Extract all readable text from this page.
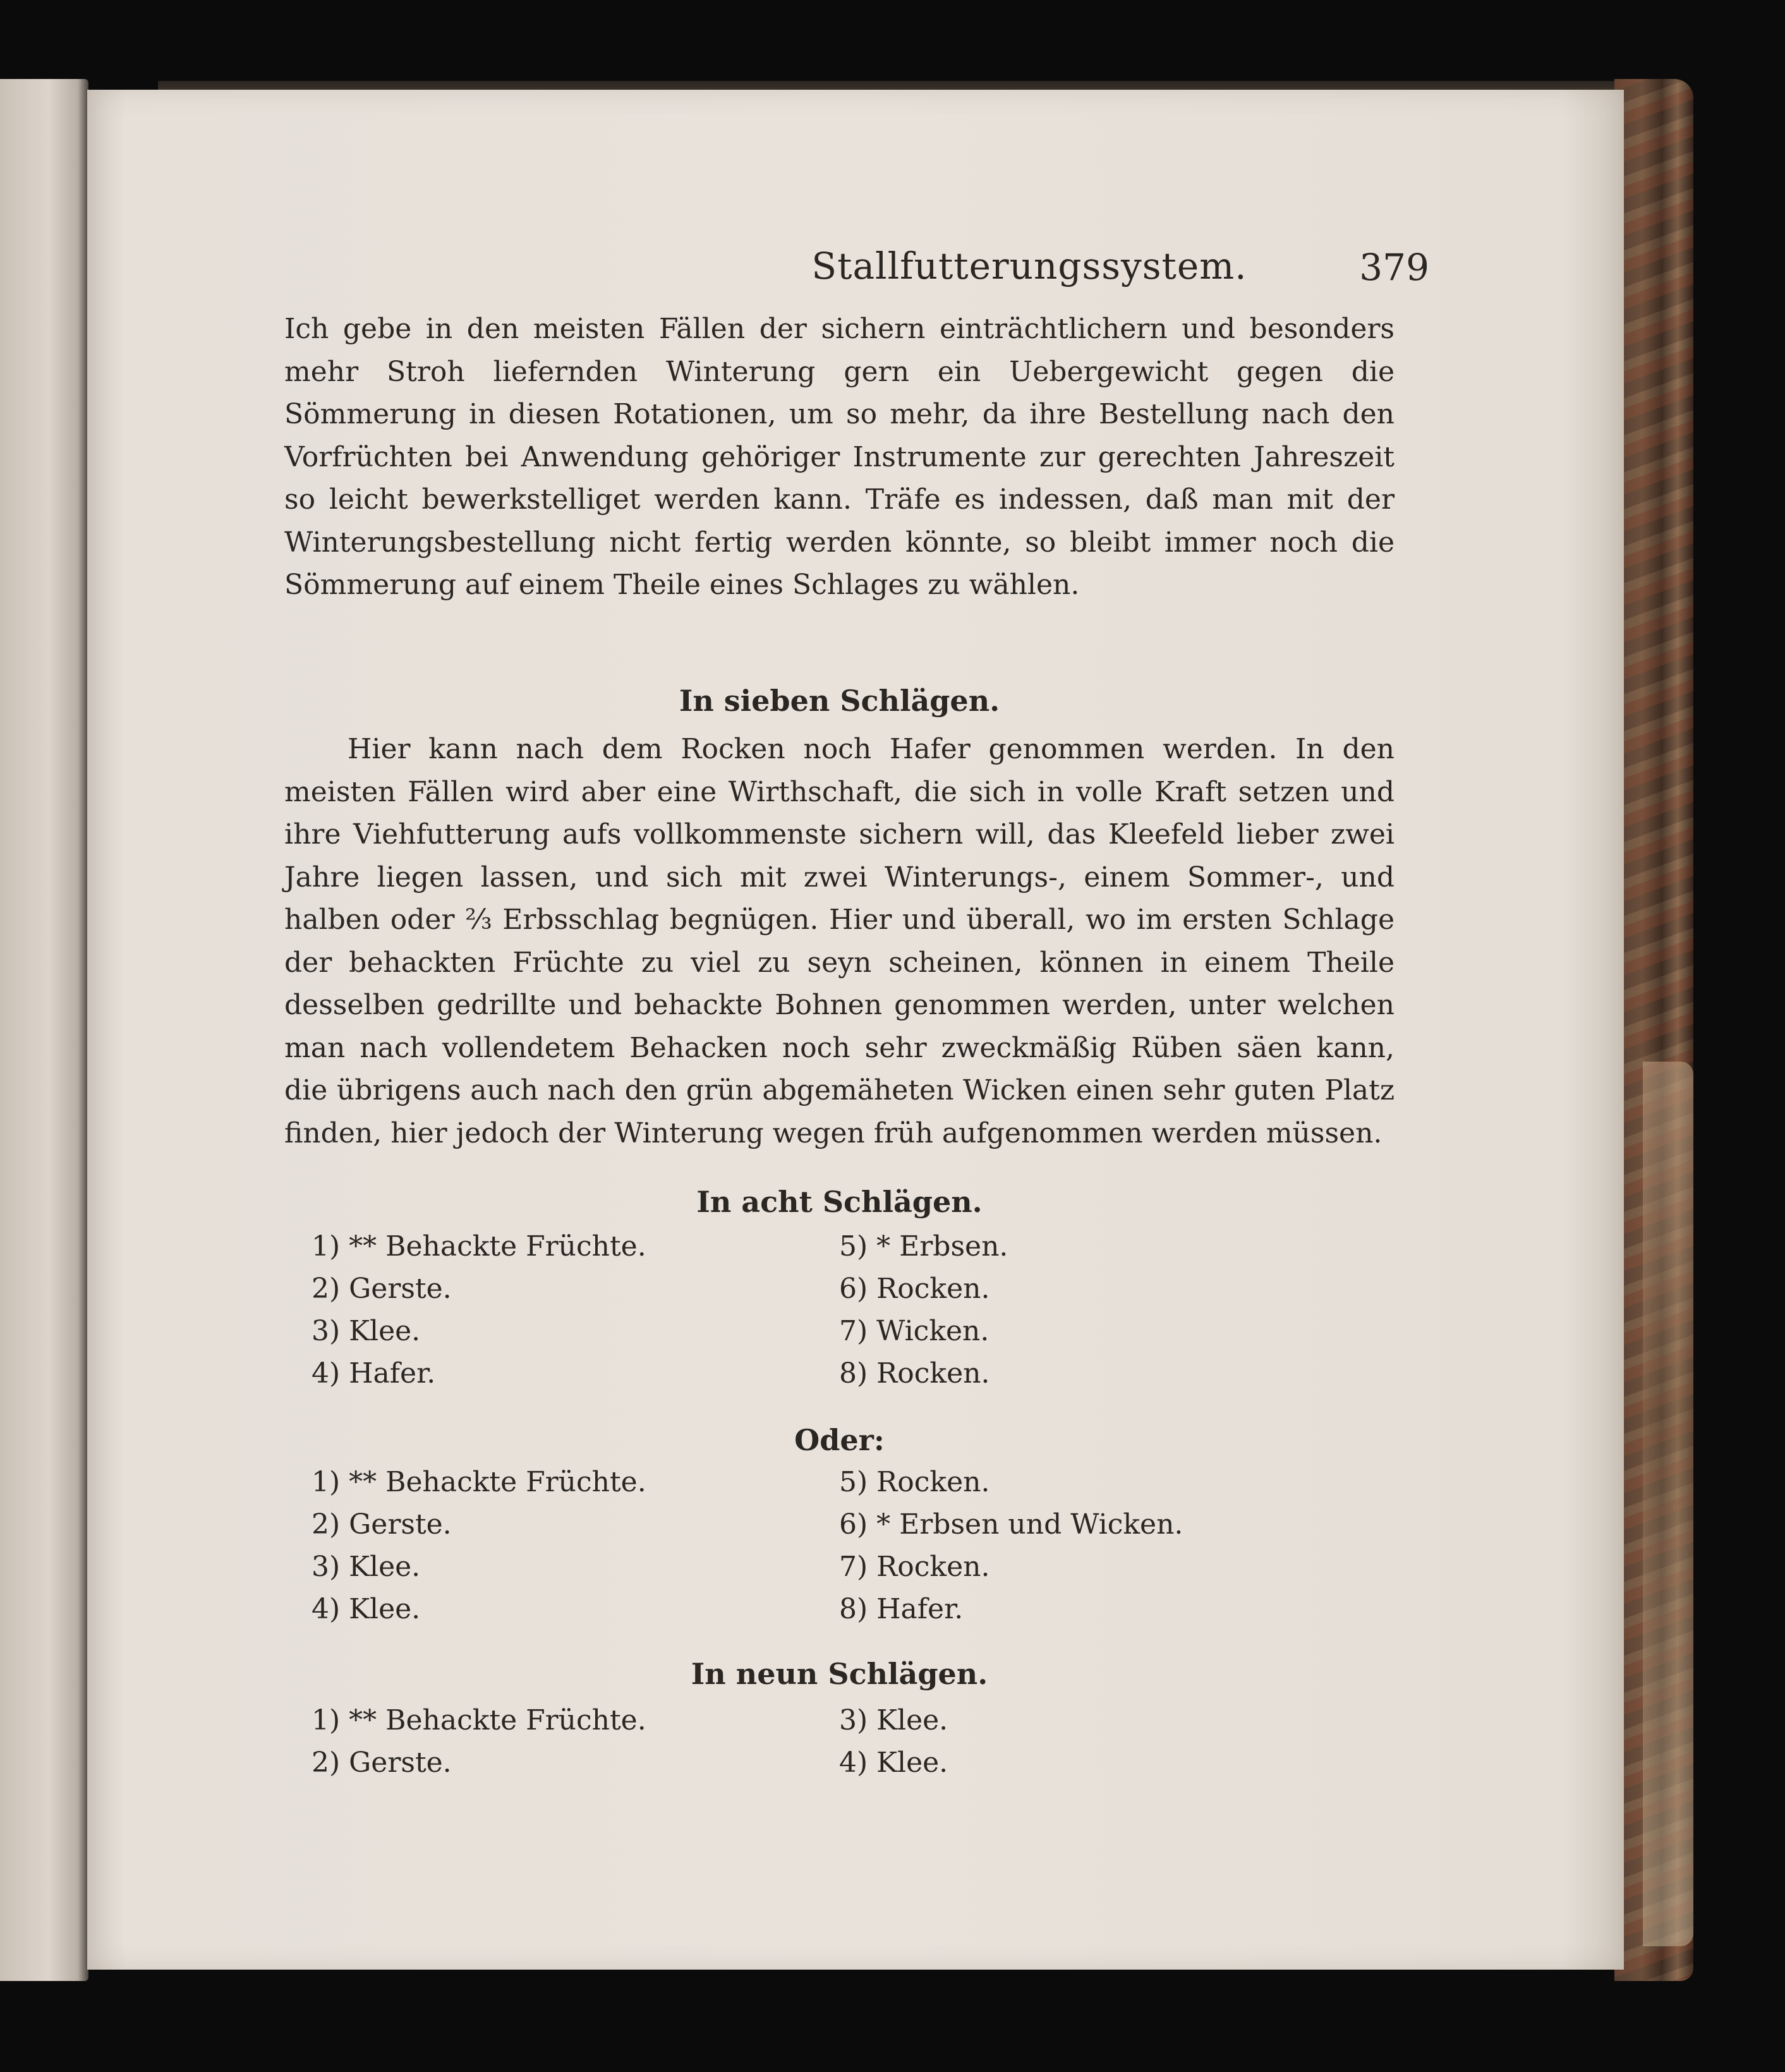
Stallfutterungssystem.	379

Ich gebe in den meisten Fällen der sichern einträchtlichern und besonders mehr Stroh liefernden Winterung gern ein Uebergewicht gegen die Sömmerung in diesen Rotationen, um so mehr, da ihre Bestellung nach den Vorfrüchten bei Anwendung gehöriger Instrumente zur gerechten Jahreszeit so leicht bewerkstelliget werden kann. Träfe es indessen, daß man mit der Winterungsbestellung nicht fertig werden könnte, so bleibt immer noch die Sömmerung auf einem Theile eines Schlages zu wählen.

In sieben Schlägen.

Hier kann nach dem Rocken noch Hafer genommen werden. In den meisten Fällen wird aber eine Wirthschaft, die sich in volle Kraft setzen und ihre Viehfutterung aufs vollkommenste sichern will, das Kleefeld lieber zwei Jahre liegen lassen, und sich mit zwei Winterungs-, einem Sommer-, und halben oder ⅔ Erbsschlag begnügen. Hier und überall, wo im ersten Schlage der behackten Früchte zu viel zu seyn scheinen, können in einem Theile desselben gedrillte und behackte Bohnen genommen werden, unter welchen man nach vollendetem Behacken noch sehr zweckmäßig Rüben säen kann, die übrigens auch nach den grün abgemäheten Wicken einen sehr guten Platz finden, hier jedoch der Winterung wegen früh aufgenommen werden müssen.

In acht Schlägen.
1) ** Behackte Früchte.
2) Gerste.
3) Klee.
4) Hafer.
5) * Erbsen.
6) Rocken.
7) Wicken.
8) Rocken.
Oder:
1) ** Behackte Früchte.
2) Gerste.
3) Klee.
4) Klee.
5) Rocken.
6) * Erbsen und Wicken.
7) Rocken.
8) Hafer.
In neun Schlägen.
1) ** Behackte Früchte.
2) Gerste.
3) Klee.
4) Klee.
